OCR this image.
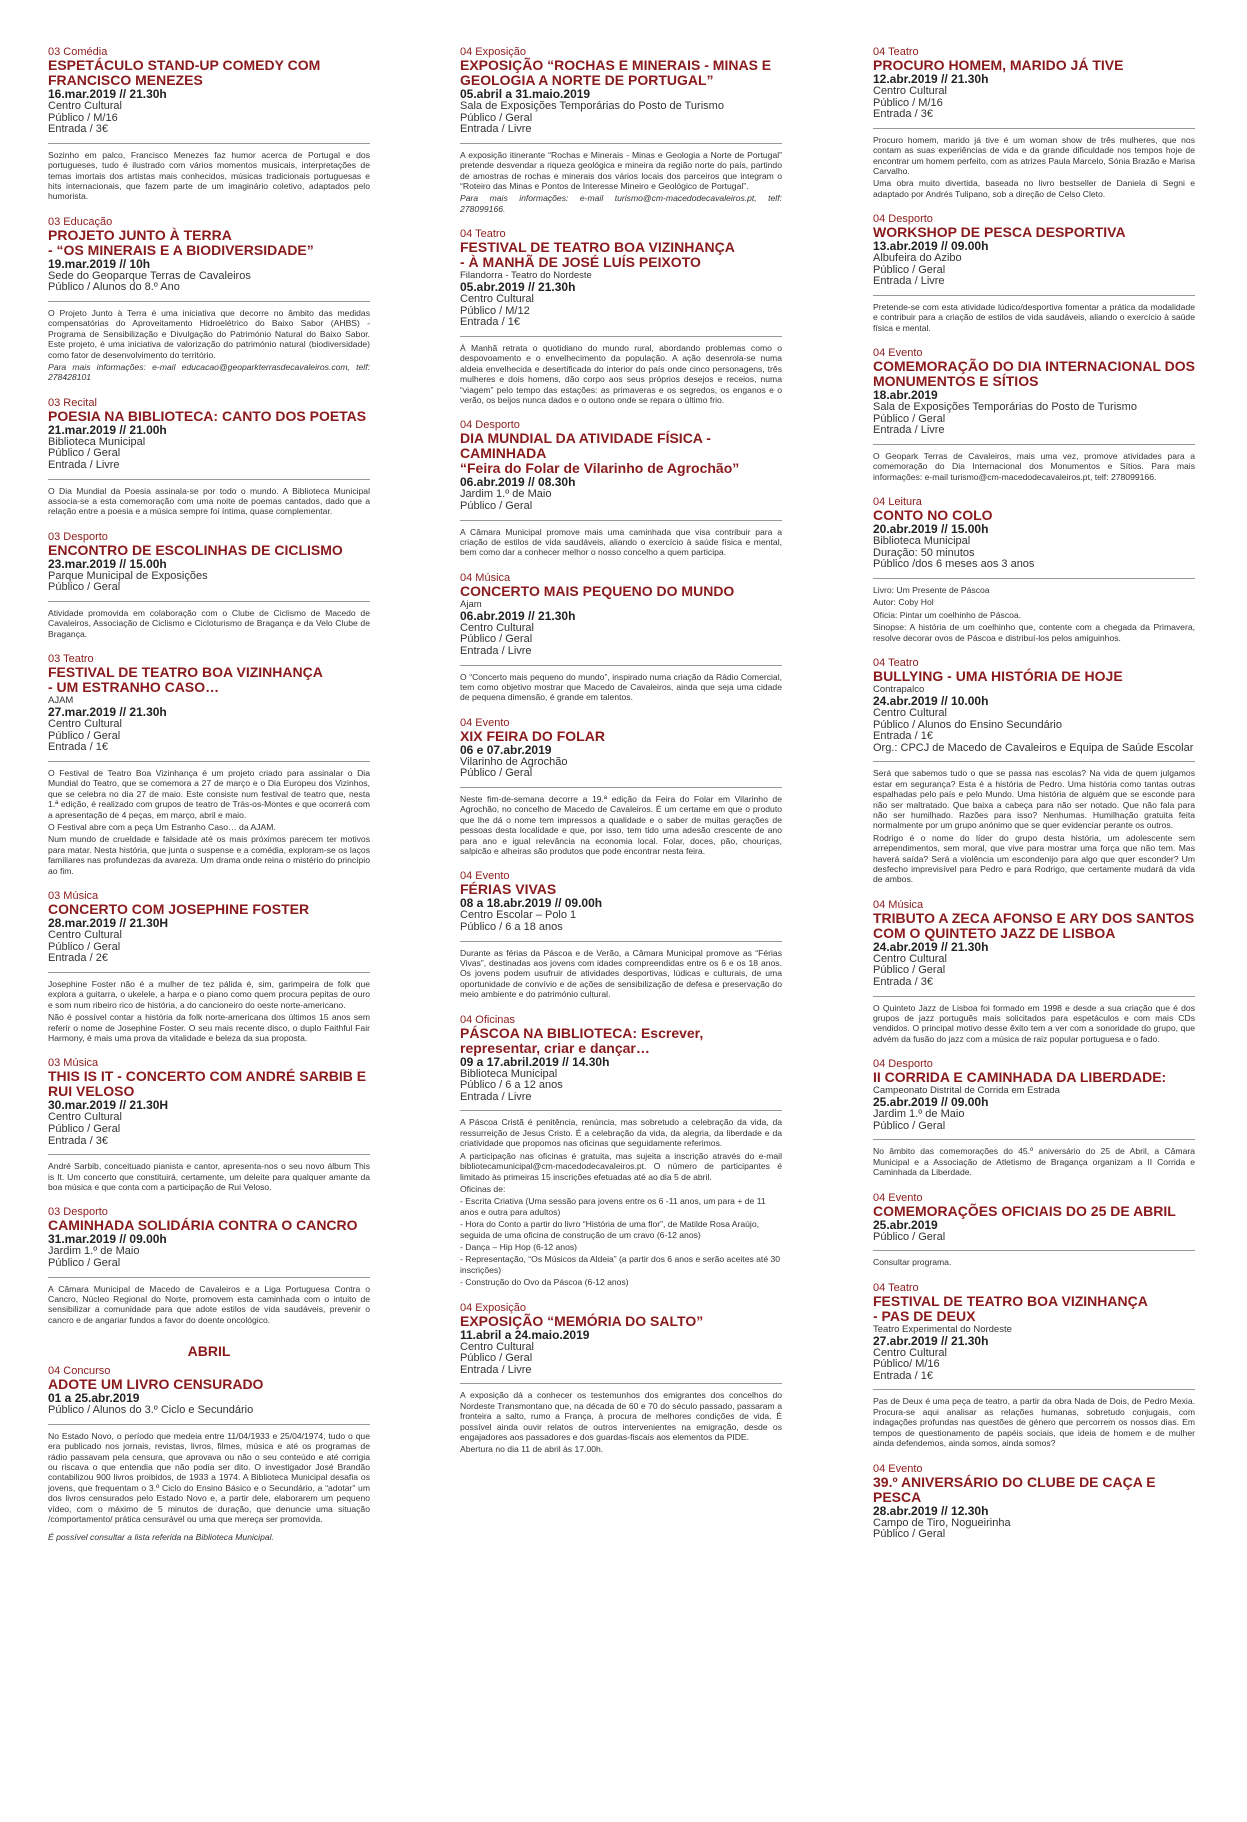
03 Comédia
ESPETÁCULO STAND-UP COMEDY COM FRANCISCO MENEZES
16.mar.2019 // 21.30h
Centro Cultural
Público / M/16
Entrada / 3€

Sozinho em palco, Francisco Menezes faz humor acerca de Portugal e dos portugueses, tudo é ilustrado com vários momentos musicais, interpretações de temas imortais dos artistas mais conhecidos, músicas tradicionais portuguesas e hits internacionais, que fazem parte de um imaginário coletivo, adaptados pelo humorista.

03 Educação
PROJETO JUNTO À TERRA
- “OS MINERAIS E A BIODIVERSIDADE”
19.mar.2019 // 10h
Sede do Geoparque Terras de Cavaleiros
Público / Alunos do 8.º Ano

O Projeto Junto à Terra é uma iniciativa que decorre no âmbito das medidas compensatórias do Aproveitamento Hidroelétrico do Baixo Sabor (AHBS) - Programa de Sensibilização e Divulgação do Património Natural do Baixo Sabor. Este projeto, é uma iniciativa de valorização do património natural (biodiversidade) como fator de desenvolvimento do território.

Para mais informações: e-mail educacao@geoparkterrasdecavaleiros.com, telf: 278428101

03 Recital
POESIA NA BIBLIOTECA: CANTO DOS POETAS
21.mar.2019 // 21.00h
Biblioteca Municipal
Público / Geral
Entrada / Livre

O Dia Mundial da Poesia assinala-se por todo o mundo. A Biblioteca Municipal associa-se a esta comemoração com uma noite de poemas cantados, dado que a relação entre a poesia e a música sempre foi íntima, quase complementar.

03 Desporto
ENCONTRO DE ESCOLINHAS DE CICLISMO
23.mar.2019 // 15.00h
Parque Municipal de Exposições
Público / Geral

Atividade promovida em colaboração com o Clube de Ciclismo de Macedo de Cavaleiros, Associação de Ciclismo e Cicloturismo de Bragança e da Velo Clube de Bragança.

03 Teatro
FESTIVAL DE TEATRO BOA VIZINHANÇA
- UM ESTRANHO CASO…
AJAM
27.mar.2019 // 21.30h
Centro Cultural
Público / Geral
Entrada / 1€

O Festival de Teatro Boa Vizinhança é um projeto criado para assinalar o Dia Mundial do Teatro, que se comemora a 27 de março e o Dia Europeu dos Vizinhos, que se celebra no dia 27 de maio. Este consiste num festival de teatro que, nesta 1.ª edição, é realizado com grupos de teatro de Trás-os-Montes e que ocorrerá com a apresentação de 4 peças, em março, abril e maio.

O Festival abre com a peça Um Estranho Caso… da AJAM.

Num mundo de crueldade e falsidade até os mais próximos parecem ter motivos para matar. Nesta história, que junta o suspense e a comédia, exploram-se os laços familiares nas profundezas da avareza. Um drama onde reina o mistério do princípio ao fim.

03 Música
CONCERTO COM JOSEPHINE FOSTER
28.mar.2019 // 21.30H
Centro Cultural
Público / Geral
Entrada / 2€

Josephine Foster não é a mulher de tez pálida é, sim, garimpeira de folk que explora a guitarra, o ukelele, a harpa e o piano como quem procura pepitas de ouro e som num ribeiro rico de história, a do cancioneiro do oeste norte-americano.

Não é possível contar a história da folk norte-americana dos últimos 15 anos sem referir o nome de Josephine Foster. O seu mais recente disco, o duplo Faithful Fair Harmony, é mais uma prova da vitalidade e beleza da sua proposta.

03 Música
THIS IS IT - CONCERTO COM ANDRÉ SARBIB E RUI VELOSO
30.mar.2019 // 21.30H
Centro Cultural
Público / Geral
Entrada / 3€

André Sarbib, conceituado pianista e cantor, apresenta-nos o seu novo álbum This is It. Um concerto que constituirá, certamente, um deleite para qualquer amante da boa música e que conta com a participação de Rui Veloso.

03 Desporto
CAMINHADA SOLIDÁRIA CONTRA O CANCRO
31.mar.2019 // 09.00h
Jardim 1.º de Maio
Público / Geral

A Câmara Municipal de Macedo de Cavaleiros e a Liga Portuguesa Contra o Cancro, Núcleo Regional do Norte, promovem esta caminhada com o intuito de sensibilizar a comunidade para que adote estilos de vida saudáveis, prevenir o cancro e de angariar fundos a favor do doente oncológico.

ABRIL
04 Concurso
ADOTE UM LIVRO CENSURADO
01 a 25.abr.2019
Público / Alunos do 3.º Ciclo e Secundário

No Estado Novo, o período que medeia entre 11/04/1933 e 25/04/1974, tudo o que era publicado nos jornais, revistas, livros, filmes, música e até os programas de rádio passavam pela censura, que aprovava ou não o seu conteúdo e até corrigia ou riscava o que entendia que não podia ser dito. O investigador José Brandão contabilizou 900 livros proibidos, de 1933 a 1974. A Biblioteca Municipal desafia os jovens, que frequentam o 3.º Ciclo do Ensino Básico e o Secundário, a “adotar” um dos livros censurados pelo Estado Novo e, a partir dele, elaborarem um pequeno vídeo, com o máximo de 5 minutos de duração, que denuncie uma situação /comportamento/ prática censurável ou uma que mereça ser promovida.

É possível consultar a lista referida na Biblioteca Municipal.
04 Exposição
EXPOSIÇÃO “ROCHAS E MINERAIS - MINAS E GEOLOGIA A NORTE DE PORTUGAL”
05.abril a 31.maio.2019
Sala de Exposições Temporárias do Posto de Turismo
Público / Geral
Entrada / Livre

A exposição itinerante “Rochas e Minerais - Minas e Geologia a Norte de Portugal” pretende desvendar a riqueza geológica e mineira da região norte do país, partindo de amostras de rochas e minerais dos vários locais dos parceiros que integram o “Roteiro das Minas e Pontos de Interesse Mineiro e Geológico de Portugal”.

Para mais informações: e-mail turismo@cm-macedodecavaleiros.pt, telf: 278099166.

04 Teatro
FESTIVAL DE TEATRO BOA VIZINHANÇA
- À MANHÃ DE JOSÉ LUÍS PEIXOTO
Filandorra - Teatro do Nordeste
05.abr.2019 // 21.30h
Centro Cultural
Público / M/12
Entrada / 1€

À Manhã retrata o quotidiano do mundo rural, abordando problemas como o despovoamento e o envelhecimento da população. A ação desenrola-se numa aldeia envelhecida e desertificada do interior do país onde cinco personagens, três mulheres e dois homens, dão corpo aos seus próprios desejos e receios, numa “viagem” pelo tempo das estações: as primaveras e os segredos, os enganos e o verão, os beijos nunca dados e o outono onde se repara o último frio.

04 Desporto
DIA MUNDIAL DA ATIVIDADE FÍSICA - CAMINHADA
“Feira do Folar de Vilarinho de Agrochão”
06.abr.2019 // 08.30h
Jardim 1.º de Maio
Público / Geral

A Câmara Municipal promove mais uma caminhada que visa contribuir para a criação de estilos de vida saudáveis, aliando o exercício à saúde física e mental, bem como dar a conhecer melhor o nosso concelho a quem participa.

04 Música
CONCERTO MAIS PEQUENO DO MUNDO
Ajam
06.abr.2019 // 21.30h
Centro Cultural
Público / Geral
Entrada / Livre

O “Concerto mais pequeno do mundo”, inspirado numa criação da Rádio Comercial, tem como objetivo mostrar que Macedo de Cavaleiros, ainda que seja uma cidade de pequena dimensão, é grande em talentos.

04 Evento
XIX FEIRA DO FOLAR
06 e 07.abr.2019
Vilarinho de Agrochão
Público / Geral

Neste fim-de-semana decorre a 19.ª edição da Feira do Folar em Vilarinho de Agrochão, no concelho de Macedo de Cavaleiros. É um certame em que o produto que lhe dá o nome tem impressos a qualidade e o saber de muitas gerações de pessoas desta localidade e que, por isso, tem tido uma adesão crescente de ano para ano e igual relevância na economia local. Folar, doces, pão, chouriças, salpicão e alheiras são produtos que pode encontrar nesta feira.

04 Evento
FÉRIAS VIVAS
08 a 18.abr.2019 // 09.00h
Centro Escolar – Polo 1
Público / 6 a 18 anos

Durante as férias da Páscoa e de Verão, a Câmara Municipal promove as “Férias Vivas”, destinadas aos jovens com idades compreendidas entre os 6 e os 18 anos. Os jovens podem usufruir de atividades desportivas, lúdicas e culturais, de uma oportunidade de convívio e de ações de sensibilização de defesa e preservação do meio ambiente e do património cultural.

04 Oficinas
PÁSCOA NA BIBLIOTECA: Escrever, representar, criar e dançar…
09 a 17.abril.2019 // 14.30h
Biblioteca Municipal
Público / 6 a 12 anos
Entrada / Livre

A Páscoa Cristã é penitência, renúncia, mas sobretudo a celebração da vida, da ressurreição de Jesus Cristo. É a celebração da vida, da alegria, da liberdade e da criatividade que propomos nas oficinas que seguidamente referimos.

A participação nas oficinas é gratuita, mas sujeita a inscrição através do e-mail bibliotecamunicipal@cm-macedodecavaleiros.pt. O número de participantes é limitado às primeiras 15 inscrições efetuadas até ao dia 5 de abril.

Oficinas de:

- Escrita Criativa (Uma sessão para jovens entre os 6 -11 anos, um para + de 11 anos e outra para adultos)
- Hora do Conto a partir do livro “História de uma flor”, de Matilde Rosa Araújo, seguida de uma oficina de construção de um cravo (6-12 anos)
- Dança – Hip Hop (6-12 anos)
- Representação, “Os Músicos da Aldeia” (a partir dos 6 anos e serão aceites até 30 inscrições)
- Construção do Ovo da Páscoa (6-12 anos)
04 Exposição
EXPOSIÇÃO “MEMÓRIA DO SALTO”
11.abril a 24.maio.2019
Centro Cultural
Público / Geral
Entrada / Livre

A exposição dá a conhecer os testemunhos dos emigrantes dos concelhos do Nordeste Transmontano que, na década de 60 e 70 do século passado, passaram a fronteira a salto, rumo a França, à procura de melhores condições de vida. É possível ainda ouvir relatos de outros intervenientes na emigração, desde os engajadores aos passadores e dos guardas-fiscais aos elementos da PIDE.

Abertura no dia 11 de abril às 17.00h.

04 Teatro
PROCURO HOMEM, MARIDO JÁ TIVE
12.abr.2019 // 21.30h
Centro Cultural
Público / M/16
Entrada / 3€

Procuro homem, marido já tive é um woman show de três mulheres, que nos contam as suas experiências de vida e da grande dificuldade nos tempos hoje de encontrar um homem perfeito, com as atrizes Paula Marcelo, Sónia Brazão e Marisa Carvalho.

Uma obra muito divertida, baseada no livro bestseller de Daniela di Segni e adaptado por Andrés Tulipano, sob a direção de Celso Cleto.

04 Desporto
WORKSHOP DE PESCA DESPORTIVA
13.abr.2019 // 09.00h
Albufeira do Azibo
Público / Geral
Entrada / Livre

Pretende-se com esta atividade lúdico/desportiva fomentar a prática da modalidade e contribuir para a criação de estilos de vida saudáveis, aliando o exercício à saúde física e mental.

04 Evento
COMEMORAÇÃO DO DIA INTERNACIONAL DOS MONUMENTOS E SÍTIOS
18.abr.2019
Sala de Exposições Temporárias do Posto de Turismo
Público / Geral
Entrada / Livre

O Geopark Terras de Cavaleiros, mais uma vez, promove atividades para a comemoração do Dia Internacional dos Monumentos e Sítios. Para mais informações: e-mail turismo@cm-macedodecavaleiros.pt, telf: 278099166.

04 Leitura
CONTO NO COLO
20.abr.2019 // 15.00h
Biblioteca Municipal
Duração: 50 minutos
Público /dos 6 meses aos 3 anos

Livro: Um Presente de Páscoa

Autor: Coby Hol

Oficia: Pintar um coelhinho de Páscoa.

Sinopse: A história de um coelhinho que, contente com a chegada da Primavera, resolve decorar ovos de Páscoa e distribuí-los pelos amiguinhos.

04 Teatro
BULLYING - UMA HISTÓRIA DE HOJE
Contrapalco
24.abr.2019 // 10.00h
Centro Cultural
Público / Alunos do Ensino Secundário
Entrada / 1€
Org.: CPCJ de Macedo de Cavaleiros e Equipa de Saúde Escolar

Será que sabemos tudo o que se passa nas escolas? Na vida de quem julgamos estar em segurança? Esta é a história de Pedro. Uma história como tantas outras espalhadas pelo país e pelo Mundo. Uma história de alguém que se esconde para não ser maltratado. Que baixa a cabeça para não ser notado. Que não fala para não ser humilhado. Razões para isso? Nenhumas. Humilhação gratuita feita normalmente por um grupo anónimo que se quer evidenciar perante os outros.

Rodrigo é o nome do líder do grupo desta história, um adolescente sem arrependimentos, sem moral, que vive para mostrar uma força que não tem. Mas haverá saída? Será a violência um escondenijo para algo que quer esconder? Um desfecho imprevisível para Pedro e para Rodrigo, que certamente mudará da vida de ambos.

04 Música
TRIBUTO A ZECA AFONSO E ARY DOS SANTOS COM O QUINTETO JAZZ DE LISBOA
24.abr.2019 // 21.30h
Centro Cultural
Público / Geral
Entrada / 3€

O Quinteto Jazz de Lisboa foi formado em 1998 e desde a sua criação que é dos grupos de jazz português mais solicitados para espetáculos e com mais CDs vendidos. O principal motivo desse êxito tem a ver com a sonoridade do grupo, que advém da fusão do jazz com a música de raiz popular portuguesa e o fado.

04 Desporto
II CORRIDA E CAMINHADA DA LIBERDADE:
Campeonato Distrital de Corrida em Estrada
25.abr.2019 // 09.00h
Jardim 1.º de Maio
Público / Geral

No âmbito das comemorações do 45.º aniversário do 25 de Abril, a Câmara Municipal e a Associação de Atletismo de Bragança organizam a II Corrida e Caminhada da Liberdade.

04 Evento
COMEMORAÇÕES OFICIAIS DO 25 DE ABRIL
25.abr.2019
Público / Geral

Consultar programa.

04 Teatro
FESTIVAL DE TEATRO BOA VIZINHANÇA
- PAS DE DEUX
Teatro Experimental do Nordeste
27.abr.2019 // 21.30h
Centro Cultural
Público/ M/16
Entrada / 1€

Pas de Deux é uma peça de teatro, a partir da obra Nada de Dois, de Pedro Mexia. Procura-se aqui analisar as relações humanas, sobretudo conjugais, com indagações profundas nas questões de género que percorrem os nossos dias. Em tempos de questionamento de papéis sociais, que ideia de homem e de mulher ainda defendemos, ainda somos, ainda somos?

04 Evento
39.º ANIVERSÁRIO DO CLUBE DE CAÇA E PESCA
28.abr.2019 // 12.30h
Campo de Tiro, Nogueirinha
Público / Geral
